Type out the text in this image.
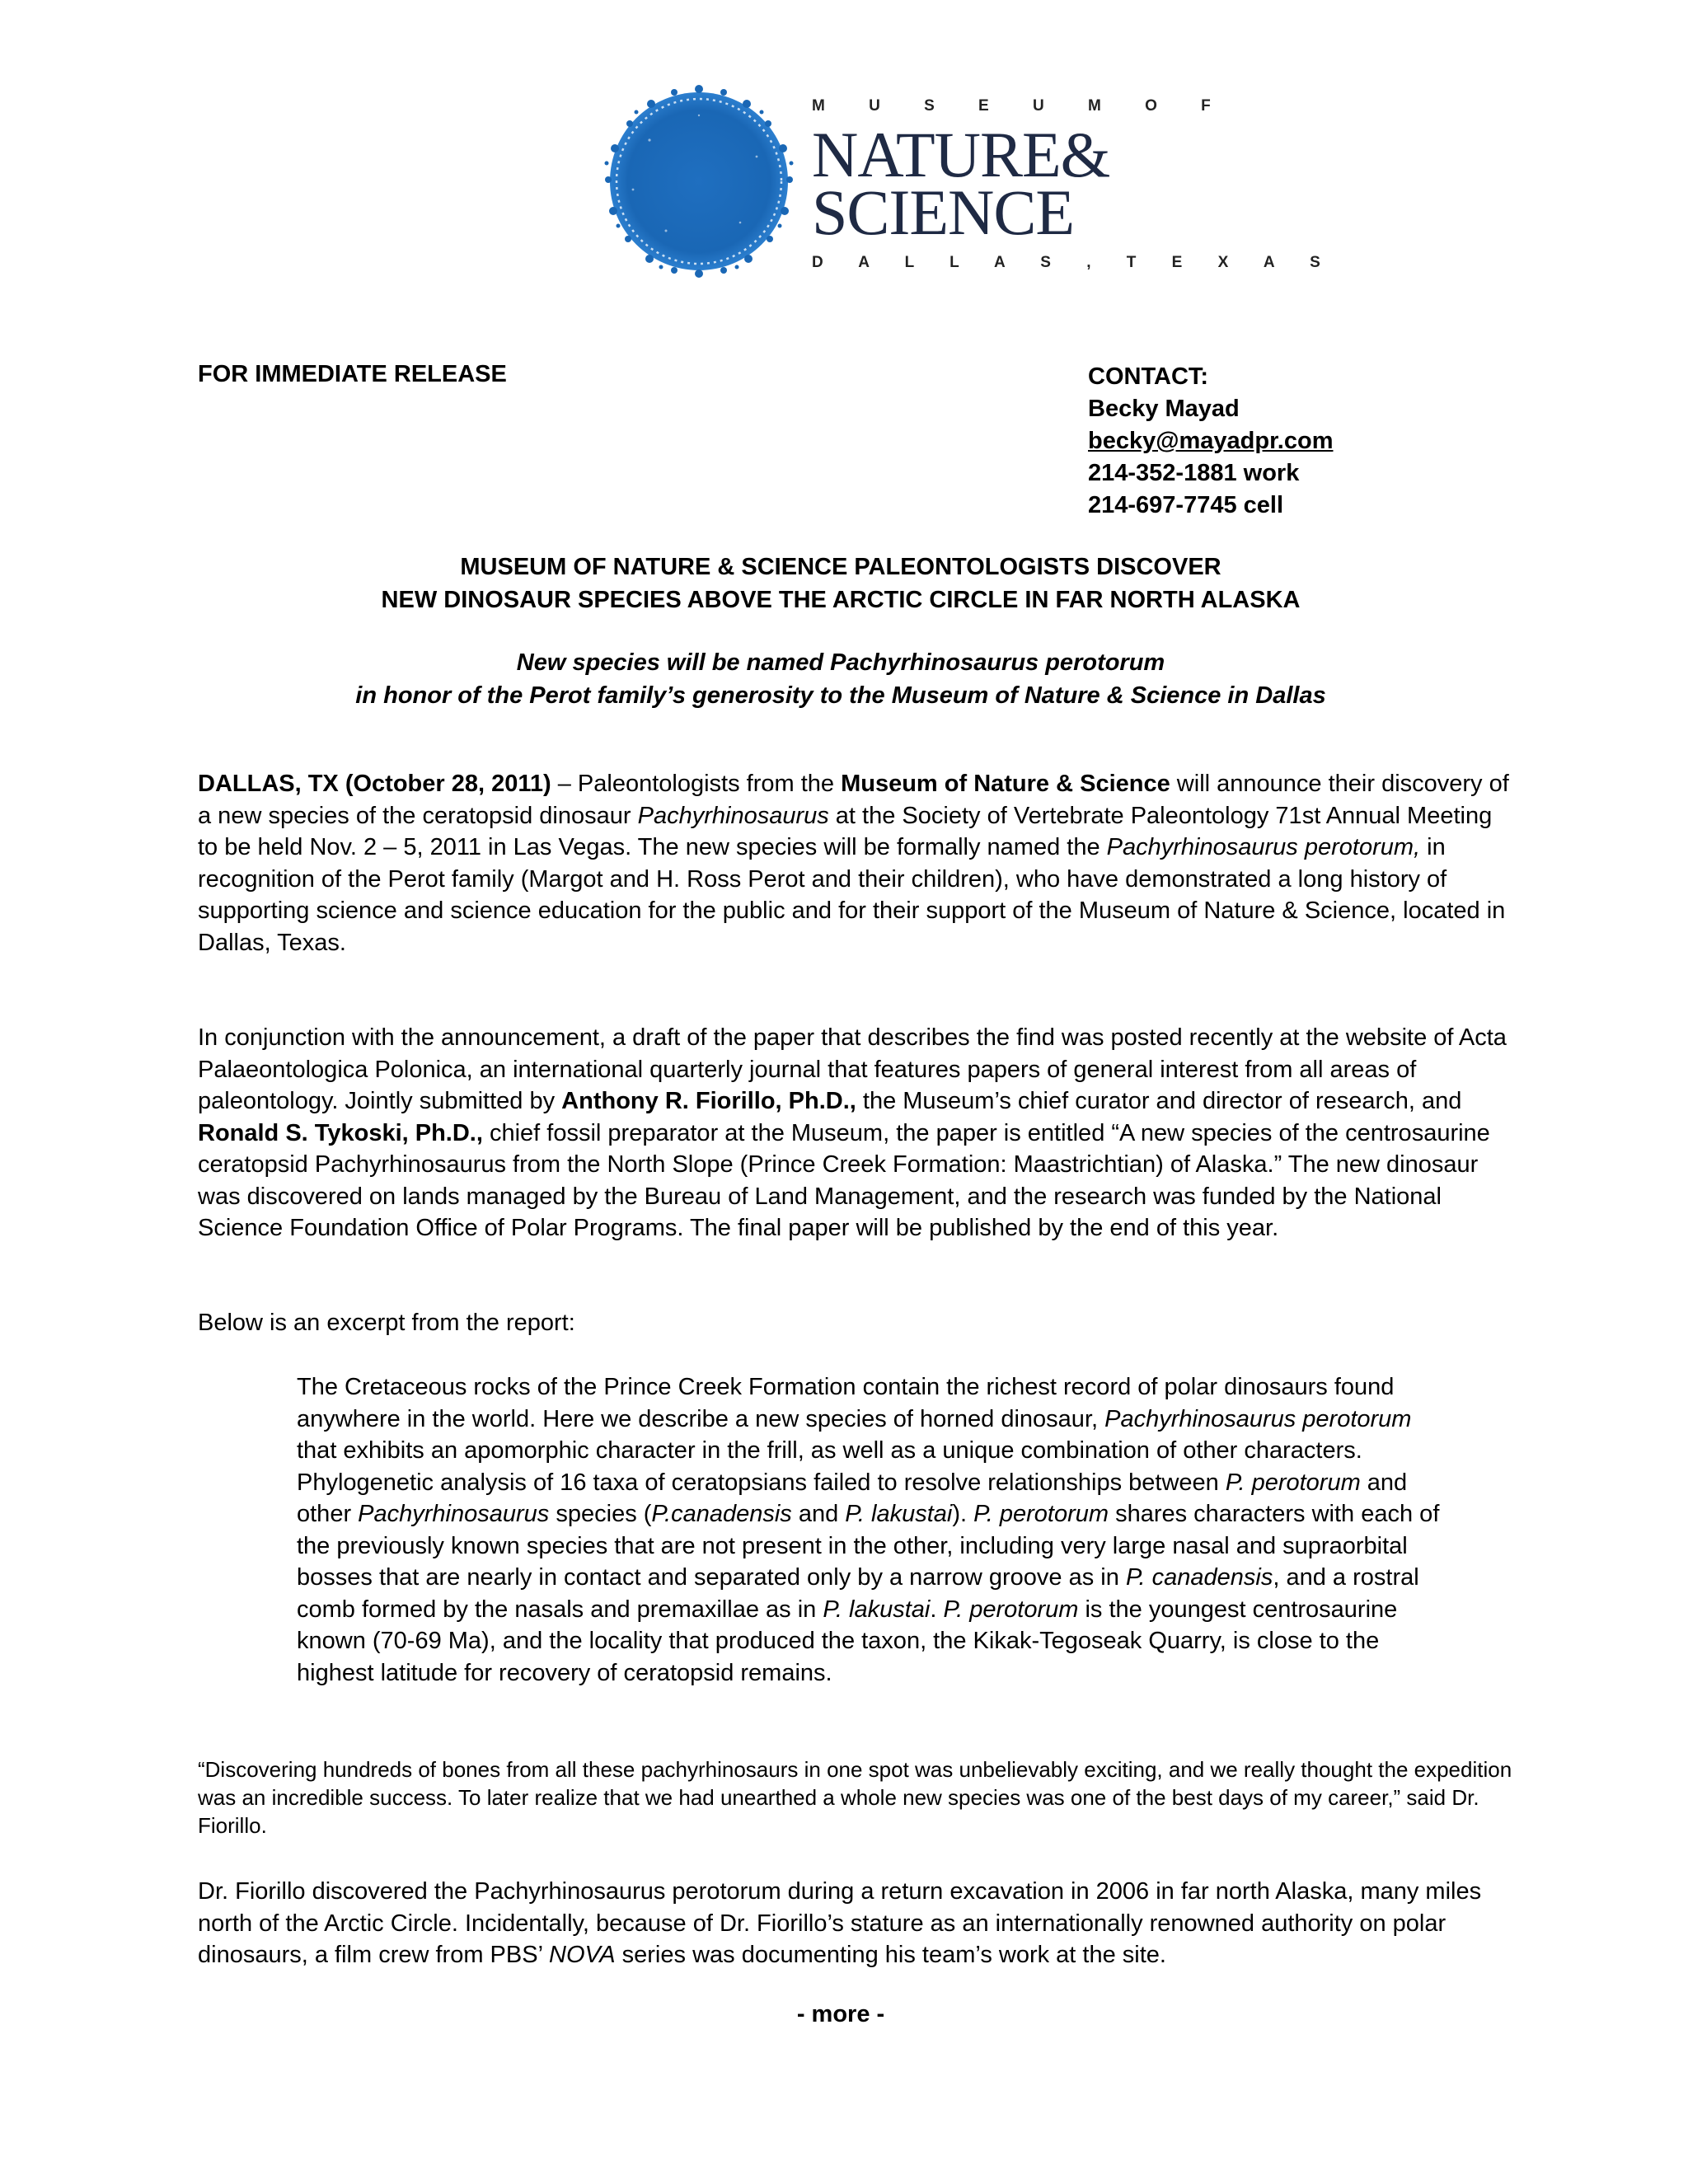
M U S E U M O F
NATURE&
SCIENCE
D A L L A S , T E X A S
FOR IMMEDIATE RELEASE	CONTACT:
Becky Mayad
becky@mayadpr.com
214-352-1881 work
214-697-7745 cell
MUSEUM OF NATURE & SCIENCE PALEONTOLOGISTS DISCOVER
NEW DINOSAUR SPECIES ABOVE THE ARCTIC CIRCLE IN FAR NORTH ALASKA
New species will be named Pachyrhinosaurus perotorum
in honor of the Perot family’s generosity to the Museum of Nature & Science in Dallas
DALLAS, TX (October 28, 2011) – Paleontologists from the Museum of Nature & Science will announce their discovery of a new species of the ceratopsid dinosaur Pachyrhinosaurus at the Society of Vertebrate Paleontology 71st Annual Meeting to be held Nov. 2 – 5, 2011 in Las Vegas. The new species will be formally named the Pachyrhinosaurus perotorum, in recognition of the Perot family (Margot and H. Ross Perot and their children), who have demonstrated a long history of supporting science and science education for the public and for their support of the Museum of Nature & Science, located in Dallas, Texas.
In conjunction with the announcement, a draft of the paper that describes the find was posted recently at the website of Acta Palaeontologica Polonica, an international quarterly journal that features papers of general interest from all areas of paleontology. Jointly submitted by Anthony R. Fiorillo, Ph.D., the Museum’s chief curator and director of research, and Ronald S. Tykoski, Ph.D., chief fossil preparator at the Museum, the paper is entitled “A new species of the centrosaurine ceratopsid Pachyrhinosaurus from the North Slope (Prince Creek Formation: Maastrichtian) of Alaska.” The new dinosaur was discovered on lands managed by the Bureau of Land Management, and the research was funded by the National Science Foundation Office of Polar Programs. The final paper will be published by the end of this year.
Below is an excerpt from the report:
The Cretaceous rocks of the Prince Creek Formation contain the richest record of polar dinosaurs found anywhere in the world. Here we describe a new species of horned dinosaur, Pachyrhinosaurus perotorum that exhibits an apomorphic character in the frill, as well as a unique combination of other characters. Phylogenetic analysis of 16 taxa of ceratopsians failed to resolve relationships between P. perotorum and other Pachyrhinosaurus species (P.canadensis and P. lakustai). P. perotorum shares characters with each of the previously known species that are not present in the other, including very large nasal and supraorbital bosses that are nearly in contact and separated only by a narrow groove as in P. canadensis, and a rostral comb formed by the nasals and premaxillae as in P. lakustai. P. perotorum is the youngest centrosaurine known (70-69 Ma), and the locality that produced the taxon, the Kikak-Tegoseak Quarry, is close to the highest latitude for recovery of ceratopsid remains.
“Discovering hundreds of bones from all these pachyrhinosaurs in one spot was unbelievably exciting, and we really thought the expedition was an incredible success. To later realize that we had unearthed a whole new species was one of the best days of my career,” said Dr. Fiorillo.
Dr. Fiorillo discovered the Pachyrhinosaurus perotorum during a return excavation in 2006 in far north Alaska, many miles north of the Arctic Circle. Incidentally, because of Dr. Fiorillo’s stature as an internationally renowned authority on polar dinosaurs, a film crew from PBS’ NOVA series was documenting his team’s work at the site.
- more -
